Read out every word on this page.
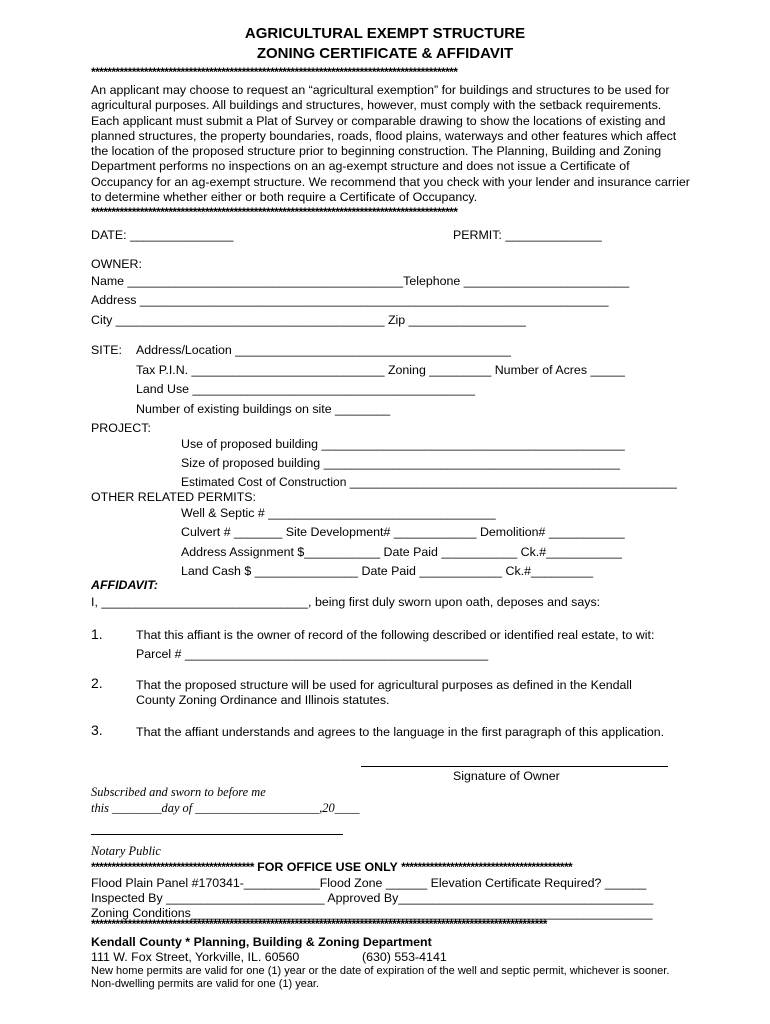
AGRICULTURAL EXEMPT STRUCTURE
ZONING CERTIFICATE & AFFIDAVIT
******************************************************************************************
An applicant may choose to request an “agricultural exemption” for buildings and structures to be used for agricultural purposes. All buildings and structures, however, must comply with the setback requirements. Each applicant must submit a Plat of Survey or comparable drawing to show the locations of existing and planned structures, the property boundaries, roads, flood plains, waterways and other features which affect the location of the proposed structure prior to beginning construction. The Planning, Building and Zoning Department performs no inspections on an ag-exempt structure and does not issue a Certificate of Occupancy for an ag-exempt structure. We recommend that you check with your lender and insurance carrier to determine whether either or both require a Certificate of Occupancy.
******************************************************************************************
DATE: _______________	PERMIT: ______________
OWNER:
Name ________________________________________Telephone ________________________
Address ____________________________________________________________________
City _______________________________________ Zip _________________
SITE: Address/Location ________________________________________
Tax P.I.N. ____________________________ Zoning _________ Number of Acres _____
Land Use _________________________________________
Number of existing buildings on site ________
PROJECT:
Use of proposed building ____________________________________________
Size of proposed building ___________________________________________
Estimated Cost of Construction _________________________________________________
OTHER RELATED PERMITS:
Well & Septic # _________________________________
Culvert # _______ Site Development# ____________ Demolition# ___________
Address Assignment $___________ Date Paid ___________ Ck.#___________
Land Cash $ _______________ Date Paid ____________ Ck.#_________
AFFIDAVIT:
I, ______________________________, being first duly sworn upon oath, deposes and says:
1.	That this affiant is the owner of record of the following described or identified real estate, to wit:
Parcel # ____________________________________________
2.	That the proposed structure will be used for agricultural purposes as defined in the Kendall County Zoning Ordinance and Illinois statutes.
3.	That the affiant understands and agrees to the language in the first paragraph of this application.
Signature of Owner
Subscribed and sworn to before me
this ________day of ____________________,20____
Notary Public
**************************************** FOR OFFICE USE ONLY ******************************************
Flood Plain Panel #170341-___________Flood Zone ______ Elevation Certificate Required? ______
Inspected By _______________________ Approved By_____________________________________
Zoning Conditions___________________________________________________________________
****************************************************************************************************************
Kendall County * Planning, Building & Zoning Department
111 W. Fox Street, Yorkville, IL. 60560	(630) 553-4141
New home permits are valid for one (1) year or the date of expiration of the well and septic permit, whichever is sooner. Non-dwelling permits are valid for one (1) year.
